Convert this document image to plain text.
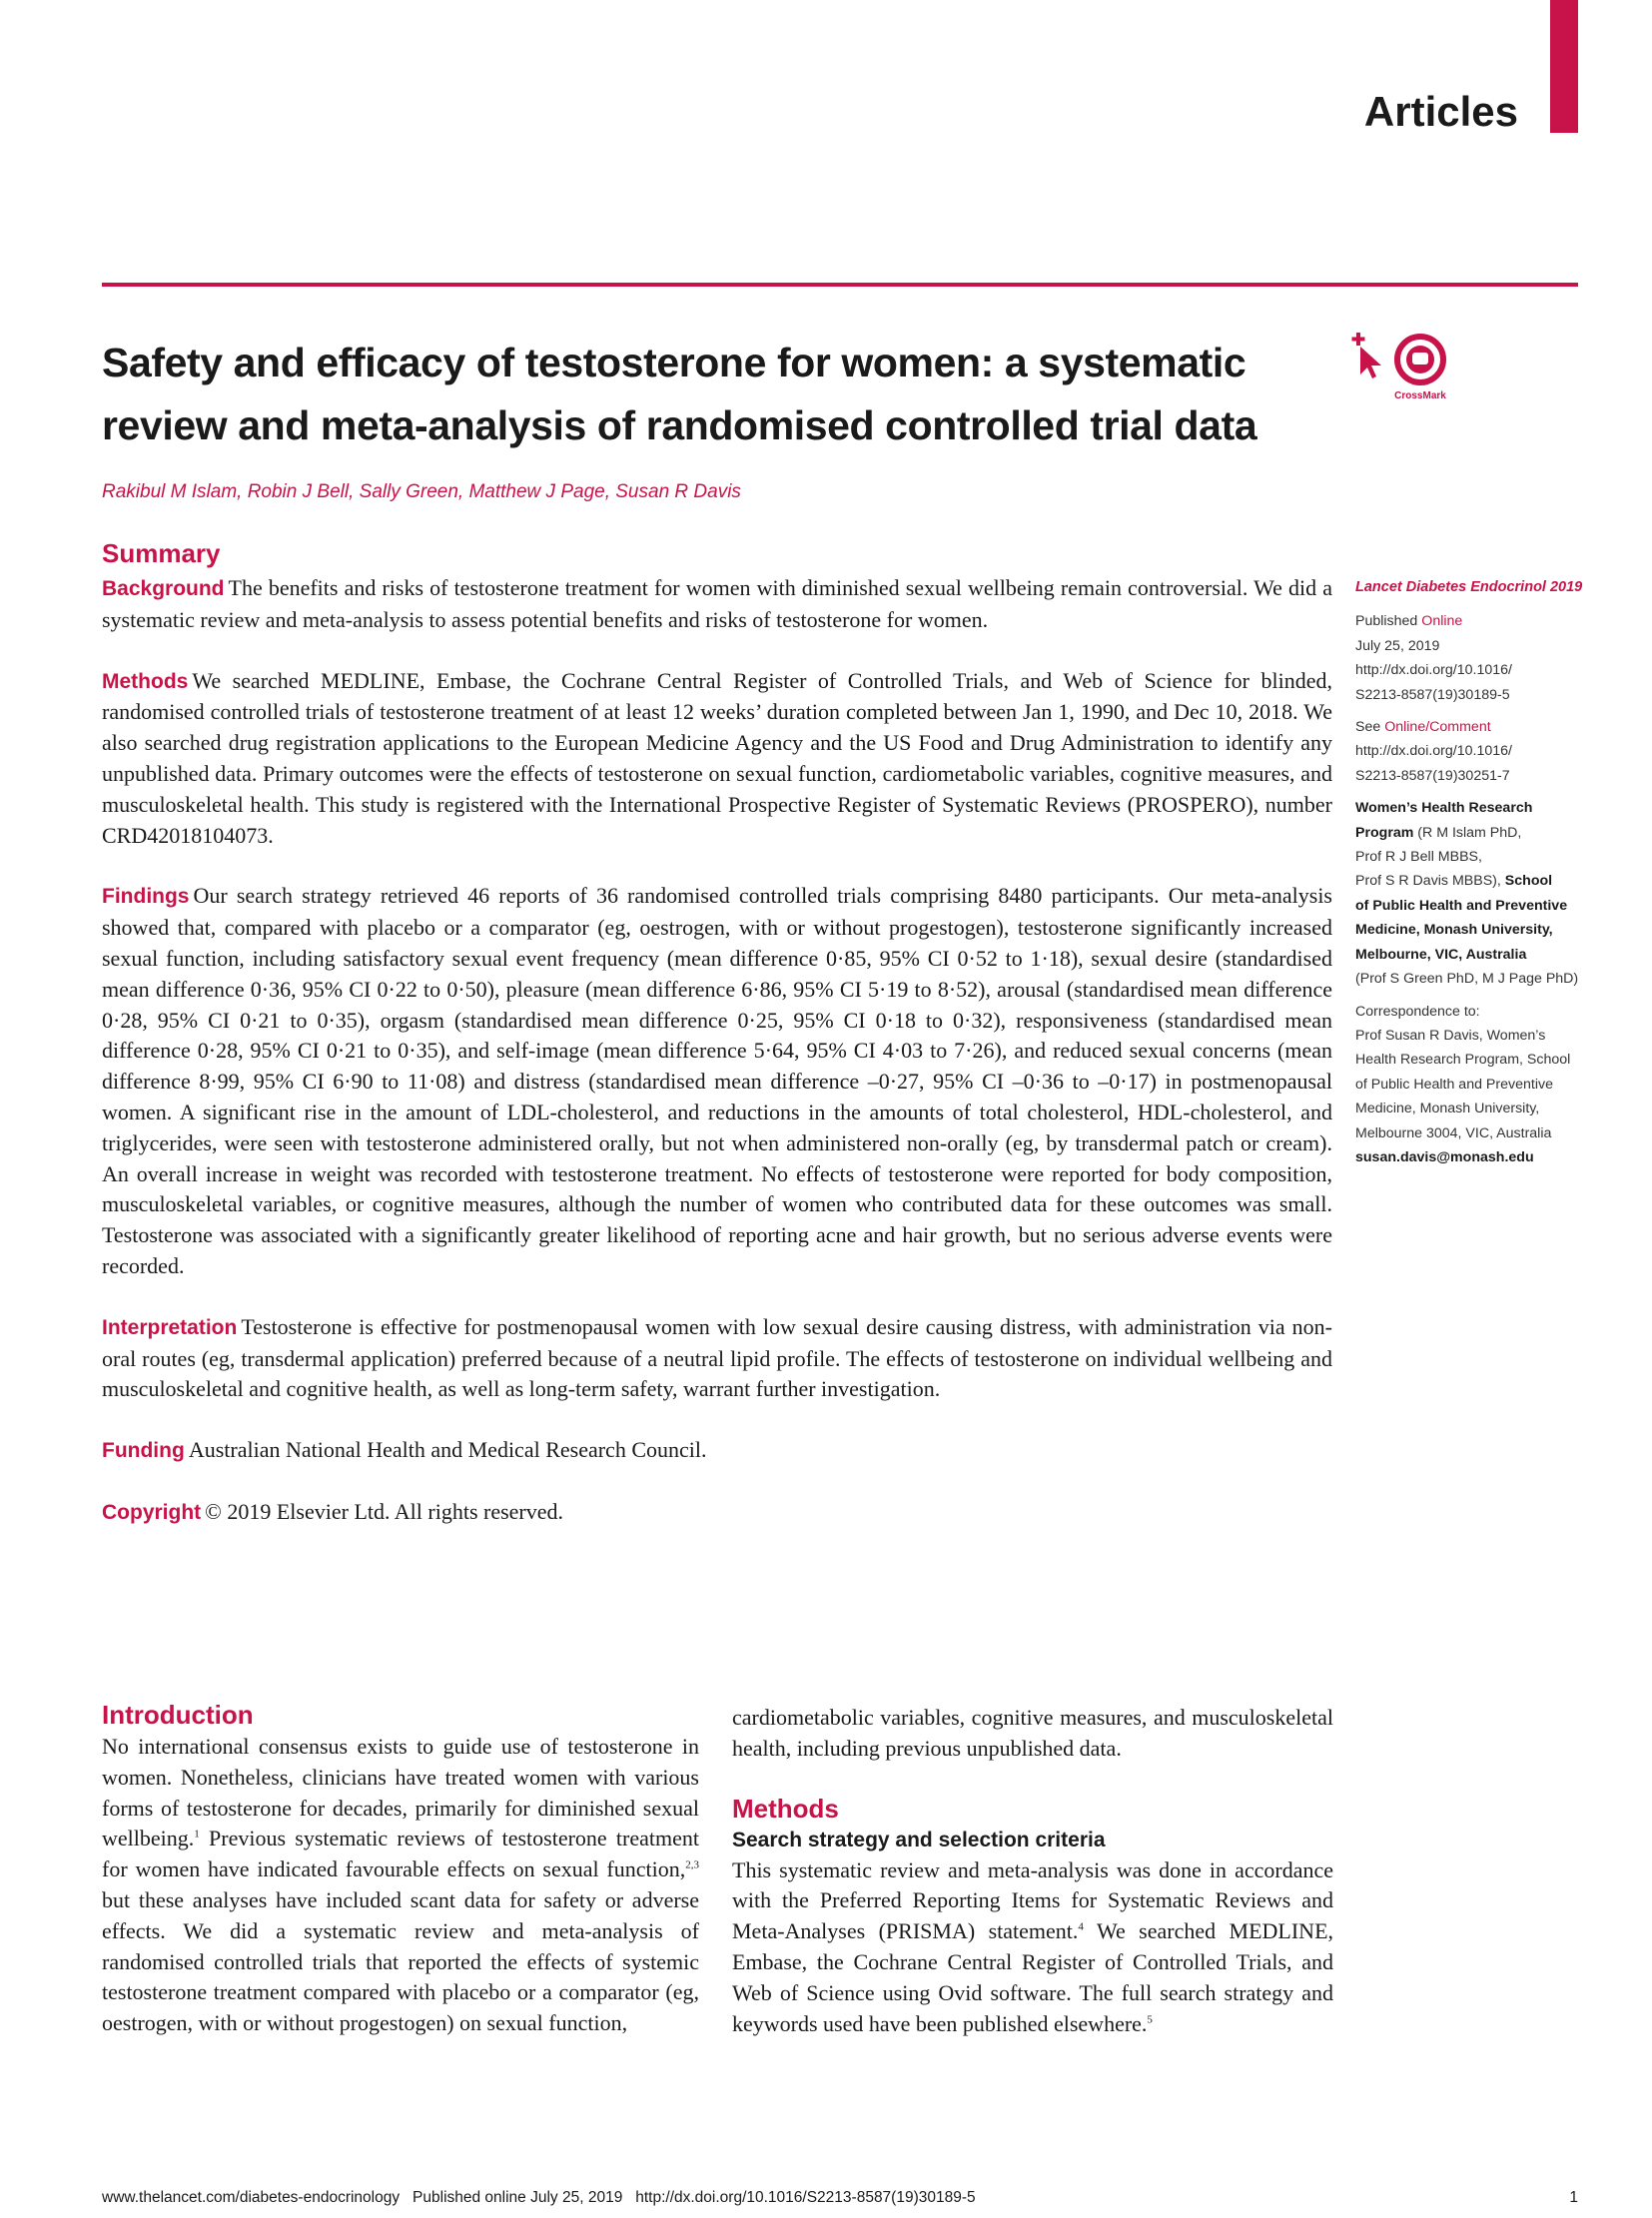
Articles
Safety and efficacy of testosterone for women: a systematic review and meta-analysis of randomised controlled trial data
CrossMark
Rakibul M Islam, Robin J Bell, Sally Green, Matthew J Page, Susan R Davis
Summary

Background The benefits and risks of testosterone treatment for women with diminished sexual wellbeing remain controversial. We did a systematic review and meta-analysis to assess potential benefits and risks of testosterone for women.

Methods We searched MEDLINE, Embase, the Cochrane Central Register of Controlled Trials, and Web of Science for blinded, randomised controlled trials of testosterone treatment of at least 12 weeks’ duration completed between Jan 1, 1990, and Dec 10, 2018. We also searched drug registration applications to the European Medicine Agency and the US Food and Drug Administration to identify any unpublished data. Primary outcomes were the effects of testosterone on sexual function, cardiometabolic variables, cognitive measures, and musculoskeletal health. This study is registered with the International Prospective Register of Systematic Reviews (PROSPERO), number CRD42018104073.

Findings Our search strategy retrieved 46 reports of 36 randomised controlled trials comprising 8480 participants. Our meta-analysis showed that, compared with placebo or a comparator (eg, oestrogen, with or without progestogen), testosterone significantly increased sexual function, including satisfactory sexual event frequency (mean difference 0·85, 95% CI 0·52 to 1·18), sexual desire (standardised mean difference 0·36, 95% CI 0·22 to 0·50), pleasure (mean difference 6·86, 95% CI 5·19 to 8·52), arousal (standardised mean difference 0·28, 95% CI 0·21 to 0·35), orgasm (standardised mean difference 0·25, 95% CI 0·18 to 0·32), responsiveness (standardised mean difference 0·28, 95% CI 0·21 to 0·35), and self-image (mean difference 5·64, 95% CI 4·03 to 7·26), and reduced sexual concerns (mean difference 8·99, 95% CI 6·90 to 11·08) and distress (standardised mean difference –0·27, 95% CI –0·36 to –0·17) in postmenopausal women. A significant rise in the amount of LDL-cholesterol, and reductions in the amounts of total cholesterol, HDL-cholesterol, and triglycerides, were seen with testosterone administered orally, but not when administered non-orally (eg, by transdermal patch or cream). An overall increase in weight was recorded with testosterone treatment. No effects of testosterone were reported for body composition, musculoskeletal variables, or cognitive measures, although the number of women who contributed data for these outcomes was small. Testosterone was associated with a significantly greater likelihood of reporting acne and hair growth, but no serious adverse events were recorded.

Interpretation Testosterone is effective for postmenopausal women with low sexual desire causing distress, with administration via non-oral routes (eg, transdermal application) preferred because of a neutral lipid profile. The effects of testosterone on individual wellbeing and musculoskeletal and cognitive health, as well as long-term safety, warrant further investigation.

Funding Australian National Health and Medical Research Council.

Copyright © 2019 Elsevier Ltd. All rights reserved.

Lancet Diabetes Endocrinol 2019
Published Online
July 25, 2019
http://dx.doi.org/10.1016/
S2213-8587(19)30189-5
See Online/Comment
http://dx.doi.org/10.1016/
S2213-8587(19)30251-7
Women’s Health Research
Program (R M Islam PhD,
Prof R J Bell MBBS,
Prof S R Davis MBBS), School
of Public Health and Preventive
Medicine, Monash University,
Melbourne, VIC, Australia
(Prof S Green PhD, M J Page PhD)
Correspondence to:
Prof Susan R Davis, Women’s
Health Research Program, School
of Public Health and Preventive
Medicine, Monash University,
Melbourne 3004, VIC, Australia
susan.davis@monash.edu
Introduction

No international consensus exists to guide use of testosterone in women. Nonetheless, clinicians have treated women with various forms of testosterone for decades, primarily for diminished sexual wellbeing.$^1$ Previous systematic reviews of testosterone treatment for women have indicated favourable effects on sexual function,$^{2,3}$ but these analyses have included scant data for safety or adverse effects. We did a systematic review and meta-analysis of randomised controlled trials that reported the effects of systemic testosterone treatment compared with placebo or a comparator (eg, oestrogen, with or without progestogen) on sexual function,

cardiometabolic variables, cognitive measures, and musculoskeletal health, including previous unpublished data.

Methods
Search strategy and selection criteria

This systematic review and meta-analysis was done in accordance with the Preferred Reporting Items for Systematic Reviews and Meta-Analyses (PRISMA) statement.$^4$ We searched MEDLINE, Embase, the Cochrane Central Register of Controlled Trials, and Web of Science using Ovid software. The full search strategy and keywords used have been published elsewhere.$^5$

www.thelancet.com/diabetes-endocrinology Published online July 25, 2019 http://dx.doi.org/10.1016/S2213-8587(19)30189-5	1
